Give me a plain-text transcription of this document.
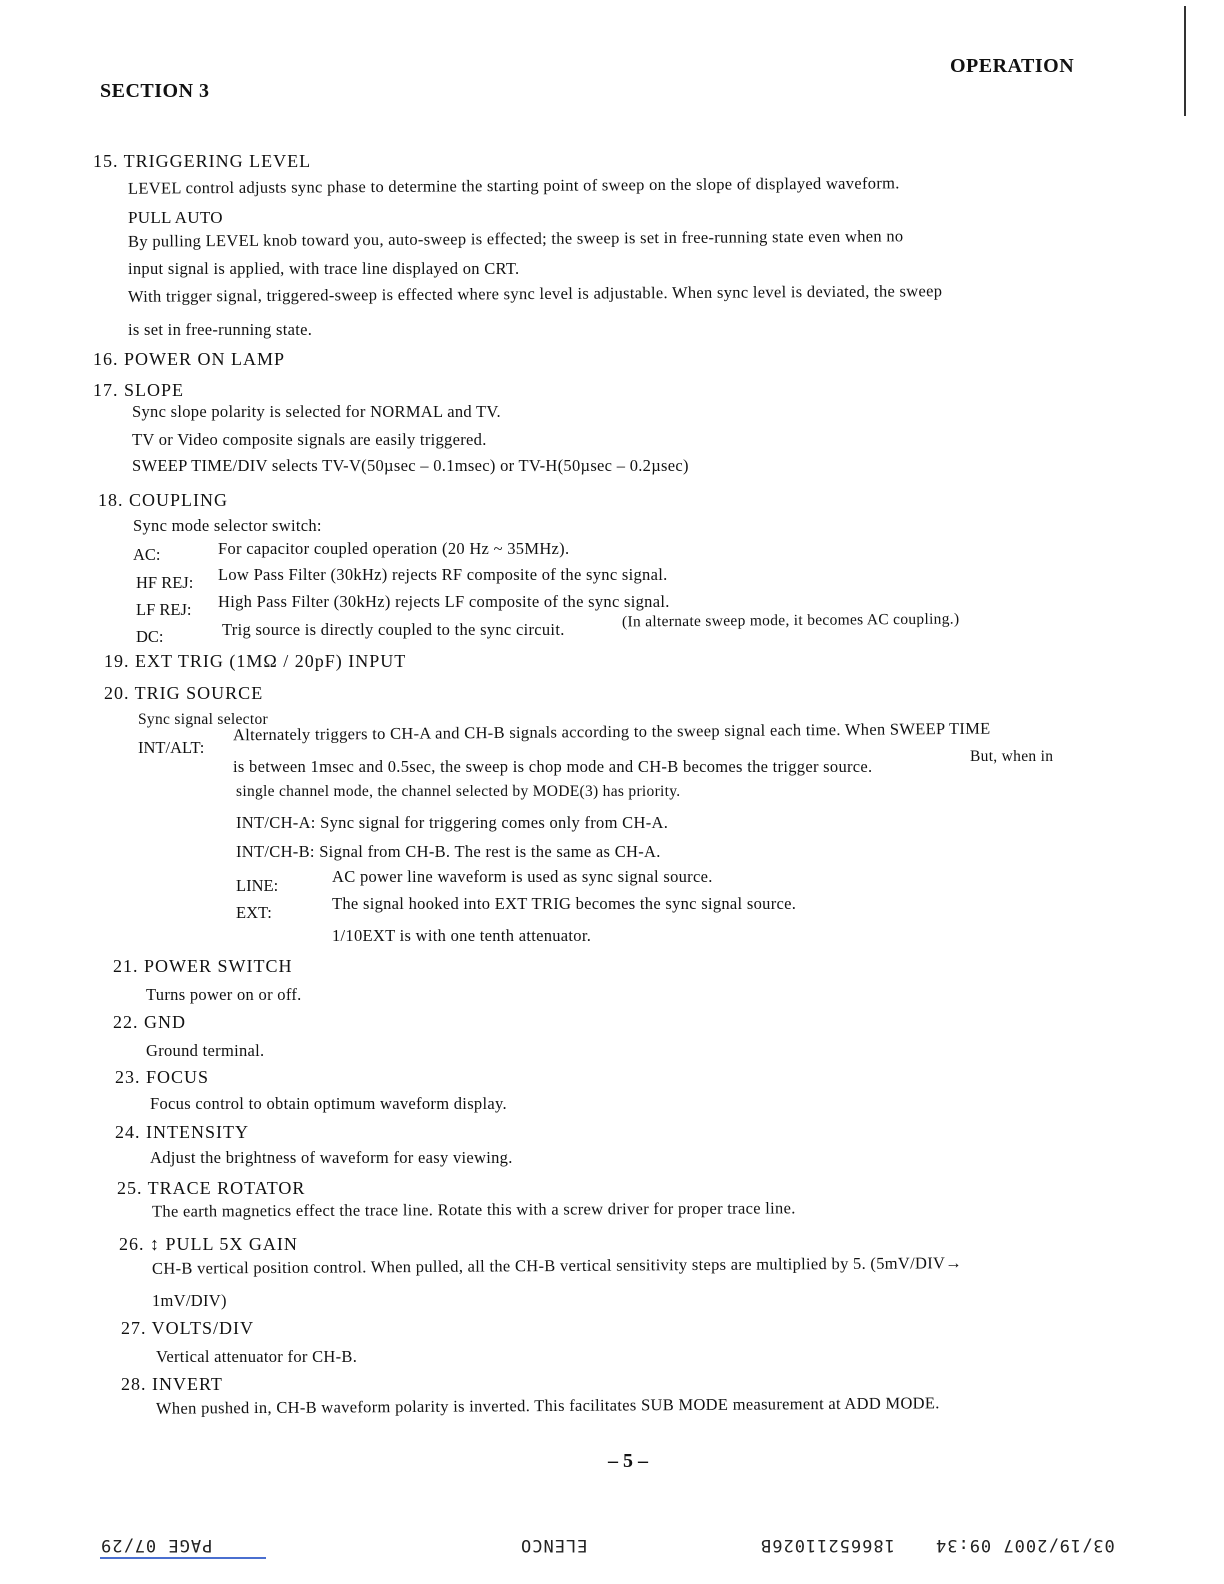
SECTION 3
OPERATION
15. TRIGGERING LEVEL
LEVEL control adjusts sync phase to determine the starting point of sweep on the slope of displayed waveform.
PULL AUTO
By pulling LEVEL knob toward you, auto-sweep is effected; the sweep is set in free-running state even when no
input signal is applied, with trace line displayed on CRT.
With trigger signal, triggered-sweep is effected where sync level is adjustable. When sync level is deviated, the sweep
is set in free-running state.
16. POWER ON LAMP
17. SLOPE
Sync slope polarity is selected for NORMAL and TV.
TV or Video composite signals are easily triggered.
SWEEP TIME/DIV selects TV-V(50µsec – 0.1msec) or TV-H(50µsec – 0.2µsec)
18. COUPLING
Sync mode selector switch:
AC:	For capacitor coupled operation (20 Hz ~ 35MHz).
HF REJ: Low Pass Filter (30kHz) rejects RF composite of the sync signal.
LF REJ: High Pass Filter (30kHz) rejects LF composite of the sync signal.
DC:	Trig source is directly coupled to the sync circuit.	(In alternate sweep mode, it becomes AC coupling.)
19. EXT TRIG (1MΩ / 20pF) INPUT
20. TRIG SOURCE
Sync signal selector
INT/ALT:
Alternately triggers to CH-A and CH-B signals according to the sweep signal each time. When SWEEP TIME
is between 1msec and 0.5sec, the sweep is chop mode and CH-B becomes the trigger source.
But, when in
single channel mode, the channel selected by MODE(3) has priority.
INT/CH-A: Sync signal for triggering comes only from CH-A.
INT/CH-B: Signal from CH-B. The rest is the same as CH-A.
LINE:	AC power line waveform is used as sync signal source.
EXT:	The signal hooked into EXT TRIG becomes the sync signal source.
1/10EXT is with one tenth attenuator.
21. POWER SWITCH
Turns power on or off.
22. GND
Ground terminal.
23. FOCUS
Focus control to obtain optimum waveform display.
24. INTENSITY
Adjust the brightness of waveform for easy viewing.
25. TRACE ROTATOR
The earth magnetics effect the trace line. Rotate this with a screw driver for proper trace line.
26. ↕ PULL 5X GAIN
CH-B vertical position control. When pulled, all the CH-B vertical sensitivity steps are multiplied by 5. (5mV/DIV→
1mV/DIV)
27. VOLTS/DIV
Vertical attenuator for CH-B.
28. INVERT
When pushed in, CH-B waveform polarity is inverted. This facilitates SUB MODE measurement at ADD MODE.
– 5 –
PAGE 07/29	ELENCO	18665211026B 03/19/2007 09:34
